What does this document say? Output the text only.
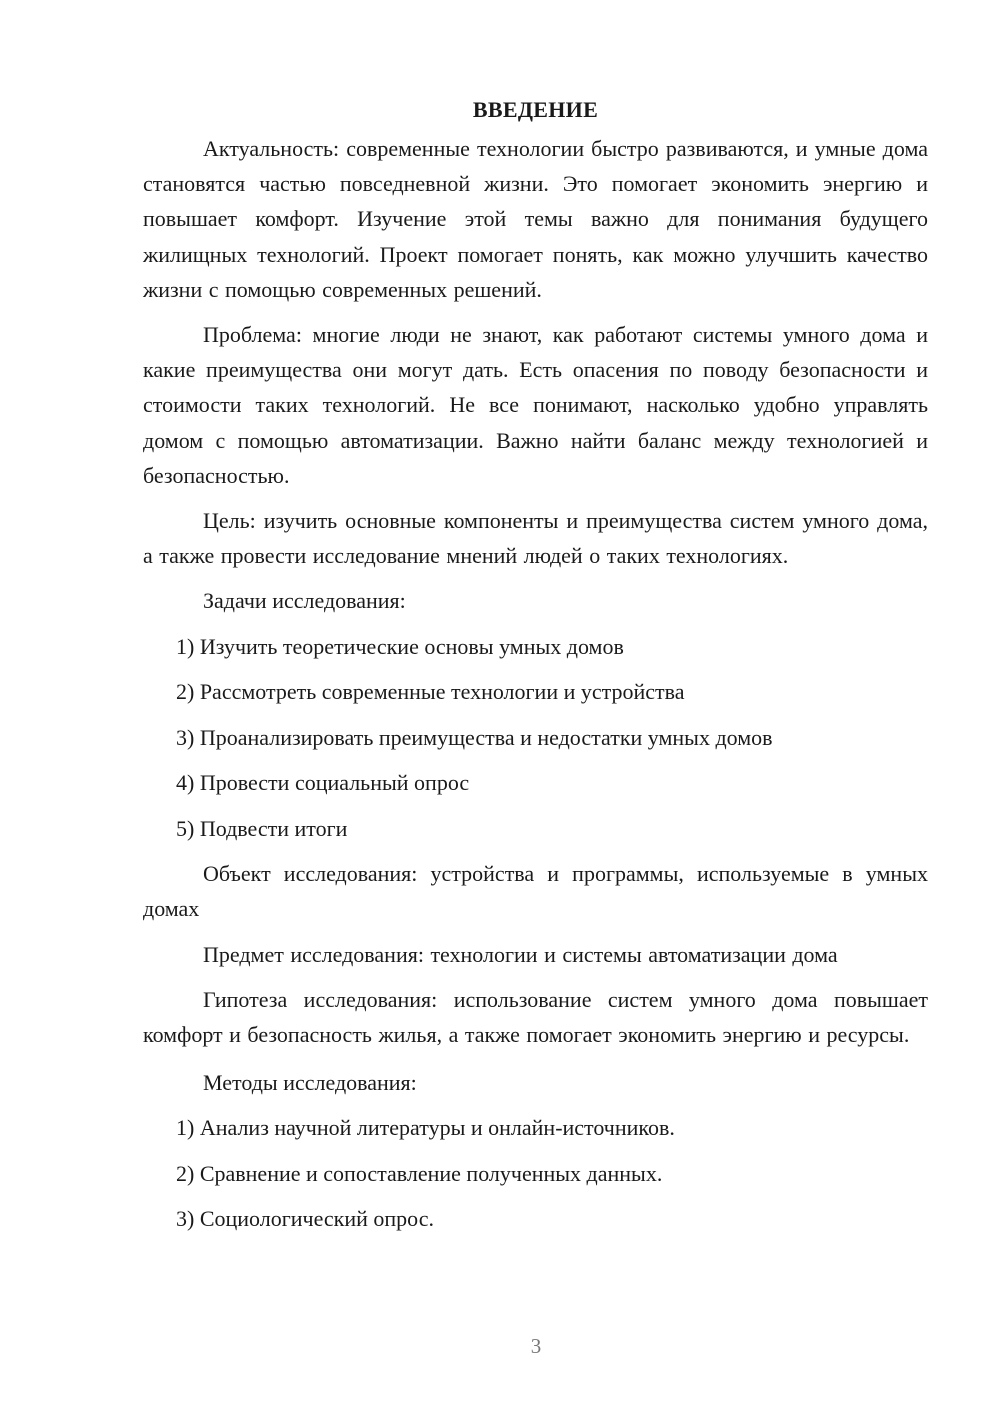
ВВЕДЕНИЕ

Актуальность: современные технологии быстро развиваются, и умные дома становятся частью повседневной жизни. Это помогает экономить энергию и повышает комфорт. Изучение этой темы важно для понимания будущего жилищных технологий. Проект помогает понять, как можно улучшить качество жизни с помощью современных решений.

Проблема: многие люди не знают, как работают системы умного дома и какие преимущества они могут дать. Есть опасения по поводу безопасности и стоимости таких технологий. Не все понимают, насколько удобно управлять домом с помощью автоматизации. Важно найти баланс между технологией и безопасностью.

Цель: изучить основные компоненты и преимущества систем умного дома, а также провести исследование мнений людей о таких технологиях.

Задачи исследования:
1) Изучить теоретические основы умных домов
2) Рассмотреть современные технологии и устройства
3) Проанализировать преимущества и недостатки умных домов
4) Провести социальный опрос
5) Подвести итоги

Объект исследования: устройства и программы, используемые в умных домах

Предмет исследования: технологии и системы автоматизации дома

Гипотеза исследования: использование систем умного дома повышает комфорт и безопасность жилья, а также помогает экономить энергию и ресурсы.

Методы исследования:
1) Анализ научной литературы и онлайн-источников.
2) Сравнение и сопоставление полученных данных.
3) Социологический опрос.
3
